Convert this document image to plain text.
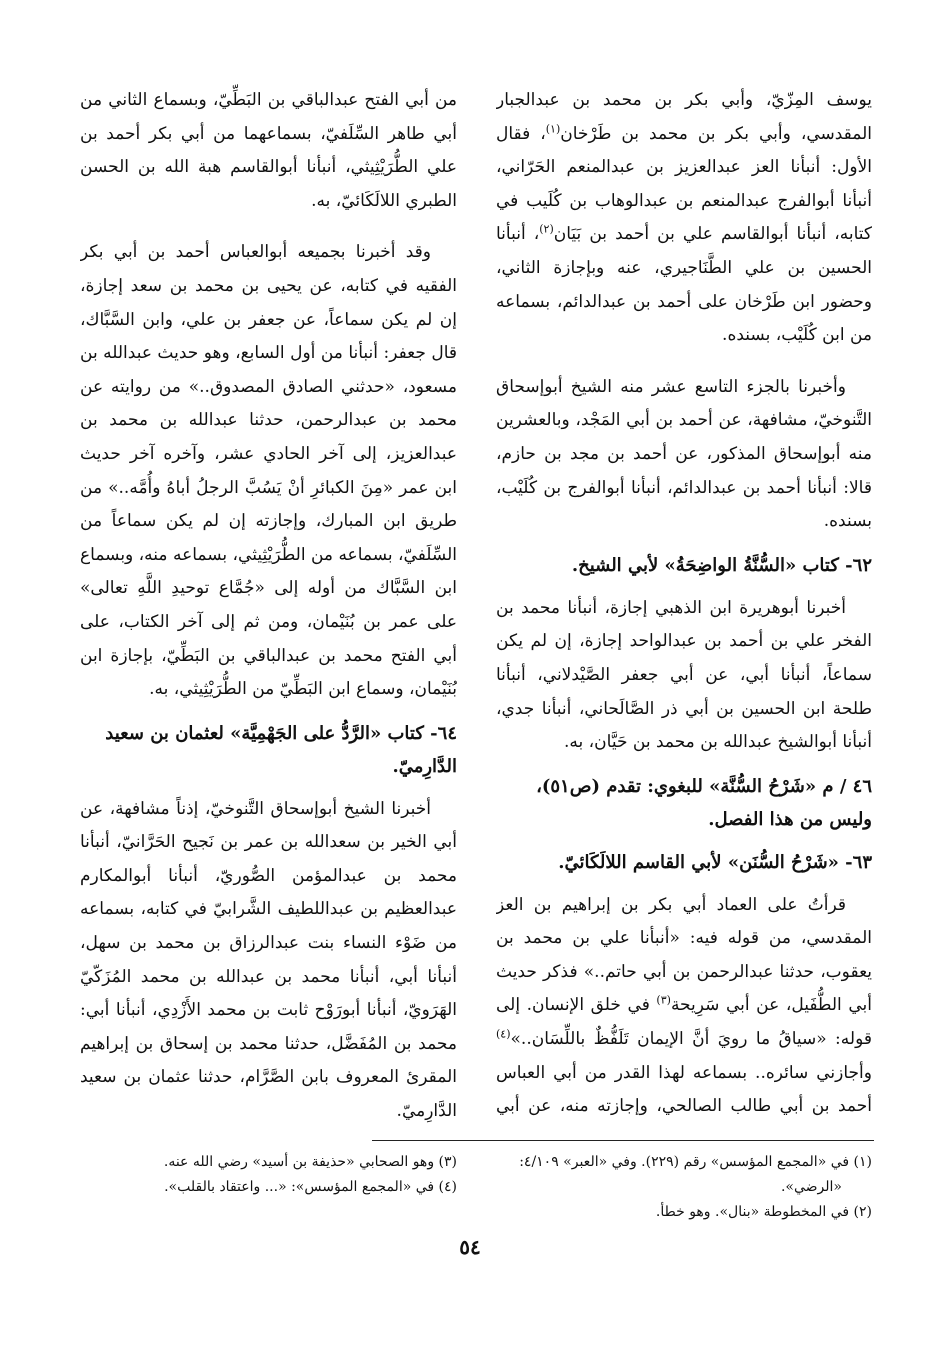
يوسف المِزّيّ، وأبي بكر بن محمد بن عبدالجبار المقدسي، وأبي بكر بن محمد بن طَرْخان$^{(١)}$، فقال الأول: أنبأنا العز عبدالعزيز بن عبدالمنعم الحَرّاني، أنبأنا أبوالفرج عبدالمنعم بن عبدالوهاب بن كُلَيب في كتابه، أنبأنا أبوالقاسم علي بن أحمد بن بَيَان$^{(٢)}$، أنبأنا الحسين بن علي الطَّنَاجيري، عنه وبإجازة الثاني، وحضور ابن طَرْخان على أحمد بن عبدالدائم، بسماعه من ابن كُلَيْب، بسنده.

وأخبرنا بالجزء التاسع عشر منه الشيخ أبوإسحاق التَّنوخيّ، مشافهة، عن أحمد بن أبي المَجْد، وبالعشرين منه أبوإسحاق المذكور، عن أحمد بن مجد بن حازم، قالا: أنبأنا أحمد بن عبدالدائم، أنبأنا أبوالفرج بن كُلَيْب، بسنده.

٦٢- كتاب «السُّنَّةُ الواضِحَةُ» لأبي الشيخ.

أخبرنا أبوهريرة ابن الذهبي إجازة، أنبأنا محمد بن الفخر علي بن أحمد بن عبدالواحد إجازة، إن لم يكن سماعاً، أنبأنا أبي، عن أبي جعفر الصَّيْدلاني، أنبأنا طلحة ابن الحسين بن أبي ذر الصَّالَحاني، أنبأنا جدي، أنبأنا أبوالشيخ عبدالله بن محمد بن حَيَّان، به.

٤٦ / م «شَرْحُ السُّنَّة» للبغوي: تقدم (ص٥١)، وليس من هذا الفصل.
٦٣- «شَرْحُ السُّنَن» لأبي القاسم اللالَكَائيّ.

قرأتُ على العماد أبي بكر بن إبراهيم بن العز المقدسي، من قوله فيه: «أنبأنا علي بن محمد بن يعقوب، حدثنا عبدالرحمن بن أبي حاتم..» فذكر حديث أبي الطُّفَيل، عن أبي سَرِيحة$^{(٣)}$ في خلق الإنسان. إلى قوله: «سياقُ ما رويَ أنَّ الإيمان تَلَفُّظٌ باللِّسَان..»$^{(٤)}$ وأجازني سائره.. بسماعه لهذا القدر من أبي العباس أحمد بن أبي طالب الصالحي، وإجازته منه، عن أبي

من أبي الفتح عبدالباقي بن البَطِّيّ، وبسماع الثاني من أبي طاهر السِّلَفيّ، بسماعهما من أبي بكر أحمد بن علي الطُّرَيْثِيثي، أنبأنا أبوالقاسم هبة الله بن الحسن الطبري اللالَكَائيّ، به.

وقد أخبرنا بجميعه أبوالعباس أحمد بن أبي بكر الفقيه في كتابه، عن يحيى بن محمد بن سعد إجازة، إن لم يكن سماعاً، عن جعفر بن علي، وابن السَّبَّاك، قال جعفر: أنبأنا من أول السابع، وهو حديث عبدالله بن مسعود، «حدثني الصادق المصدوق..» من روايته عن محمد بن عبدالرحمن، حدثنا عبدالله بن محمد بن عبدالعزيز، إلى آخر الحادي عشر، وآخره آخر حديث ابن عمر «مِنَ الكبائرِ أنْ يَسُبَّ الرجلُ أباهُ وأُمَّه..» من طريق ابن المبارك، وإجازته إن لم يكن سماعاً من السِّلَفيّ، بسماعه من الطُّرَيْثِيثي، بسماعه منه، وبسماع ابن السَّبَّاك من أوله إلى «جُمَّاع توحيدِ اللَّهِ تعالى» على عمر بن بُنَيْمان، ومن ثم إلى آخر الكتاب، على أبي الفتح محمد بن عبدالباقي بن البَطِّيّ، بإجازة ابن بُنَيْمان، وسماع ابن البَطِّيّ من الطُّرَيْثِيثي، به.

٦٤- كتاب «الرَّدُّ على الجَهْمِيَّة» لعثمان بن سعيد الدَّارِميّ.

أخبرنا الشيخ أبوإسحاق التَّنوخيّ، إذناً مشافهة، عن أبي الخير بن سعدالله بن عمر بن نَجيح الحَرَّانيّ، أنبأنا محمد بن عبدالمؤمن الصُّوريّ، أنبأنا أبوالمكارم عبدالعظيم بن عبداللطيف الشَّرابيّ في كتابه، بسماعه من ضَوْء النساء بنت عبدالرزاق بن محمد بن سهل، أنبأنا أبي، أنبأنا محمد بن عبدالله بن محمد المُزَكّيّ الهَرَويّ، أنبأنا أبورَوْح ثابت بن محمد الأَزْدِي، أنبأنا أبي: محمد بن المُفَضَّل، حدثنا محمد بن إسحاق بن إبراهيم المقرئ المعروف بابن الصَّرَّام، حدثنا عثمان بن سعيد الدَّارِميّ.

(١) في «المجمع المؤسس» رقم (٢٢٩). وفي «العبر» ٤/١٠٩:

«الرضي».

(٢) في المخطوطة «بنال». وهو خطأ.

(٣) وهو الصحابي «حذيفة بن أسيد» رضي الله عنه.

(٤) في «المجمع المؤسس»: «... واعتقاد بالقلب».

٥٤
